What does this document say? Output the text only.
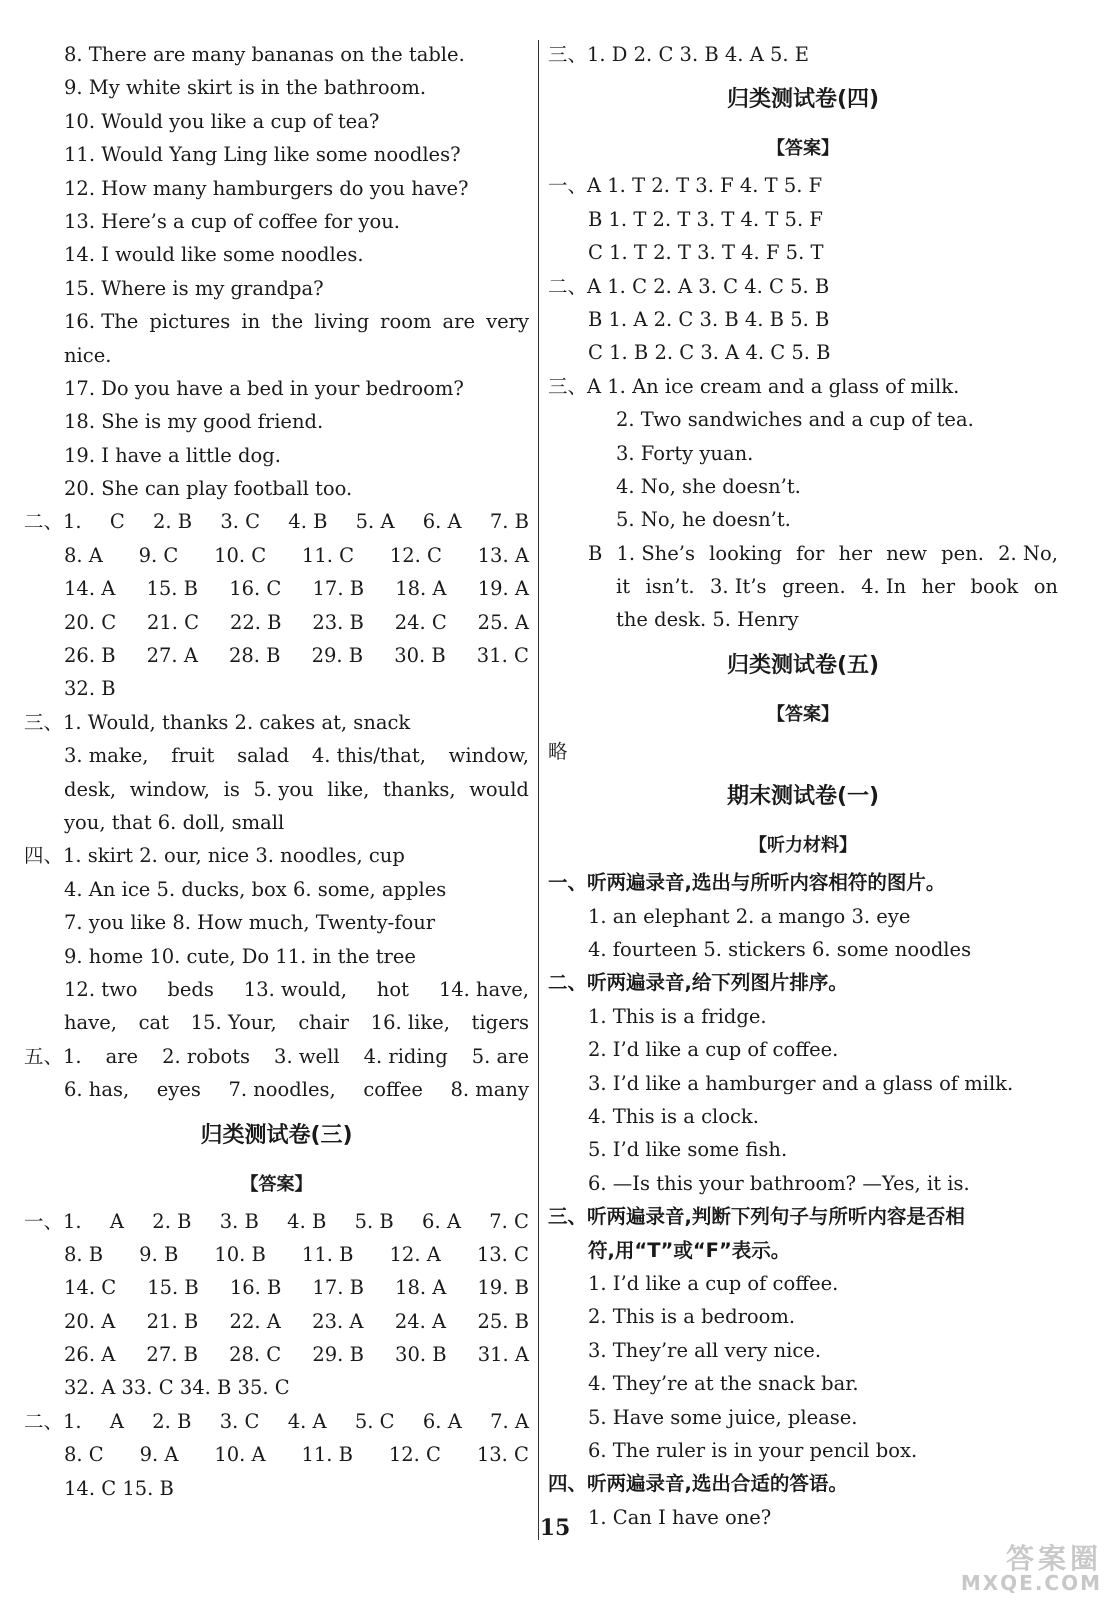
8. There are many bananas on the table.
9. My white skirt is in the bathroom.
10. Would you like a cup of tea?
11. Would Yang Ling like some noodles?
12. How many hamburgers do you have?
13. Here’s a cup of coffee for you.
14. I would like some noodles.
15. Where is my grandpa?
16. The pictures in the living room are very
nice.
17. Do you have a bed in your bedroom?
18. She is my good friend.
19. I have a little dog.
20. She can play football too.
二、1. C 2. B 3. C 4. B 5. A 6. A 7. B
8. A 9. C 10. C 11. C 12. C 13. A
14. A 15. B 16. C 17. B 18. A 19. A
20. C 21. C 22. B 23. B 24. C 25. A
26. B 27. A 28. B 29. B 30. B 31. C
32. B
三、1. Would, thanks 2. cakes at, snack
3. make, fruit salad 4. this/that, window,
desk, window, is 5. you like, thanks, would
you, that 6. doll, small
四、1. skirt 2. our, nice 3. noodles, cup
4. An ice 5. ducks, box 6. some, apples
7. you like 8. How much, Twenty-four
9. home 10. cute, Do 11. in the tree
12. two beds 13. would, hot 14. have,
have, cat 15. Your, chair 16. like, tigers
五、1. are 2. robots 3. well 4. riding 5. are
6. has, eyes 7. noodles, coffee 8. many
归类测试卷(三)
【答案】
一、1. A 2. B 3. B 4. B 5. B 6. A 7. C
8. B 9. B 10. B 11. B 12. A 13. C
14. C 15. B 16. B 17. B 18. A 19. B
20. A 21. B 22. A 23. A 24. A 25. B
26. A 27. B 28. C 29. B 30. B 31. A
32. A 33. C 34. B 35. C
二、1. A 2. B 3. C 4. A 5. C 6. A 7. A
8. C 9. A 10. A 11. B 12. C 13. C
14. C 15. B
三、1. D 2. C 3. B 4. A 5. E
归类测试卷(四)
【答案】
一、A 1. T 2. T 3. F 4. T 5. F
B 1. T 2. T 3. T 4. T 5. F
C 1. T 2. T 3. T 4. F 5. T
二、A 1. C 2. A 3. C 4. C 5. B
B 1. A 2. C 3. B 4. B 5. B
C 1. B 2. C 3. A 4. C 5. B
三、A 1. An ice cream and a glass of milk.
2. Two sandwiches and a cup of tea.
3. Forty yuan.
4. No, she doesn’t.
5. No, he doesn’t.
B 1. She’s looking for her new pen. 2. No,
it isn’t. 3. It’s green. 4. In her book on
the desk. 5. Henry
归类测试卷(五)
【答案】
略
期末测试卷(一)
【听力材料】
一、听两遍录音,选出与所听内容相符的图片。
1. an elephant 2. a mango 3. eye
4. fourteen 5. stickers 6. some noodles
二、听两遍录音,给下列图片排序。
1. This is a fridge.
2. I’d like a cup of coffee.
3. I’d like a hamburger and a glass of milk.
4. This is a clock.
5. I’d like some fish.
6. —Is this your bathroom? —Yes, it is.
三、听两遍录音,判断下列句子与所听内容是否相
符,用“T”或“F”表示。
1. I’d like a cup of coffee.
2. This is a bedroom.
3. They’re all very nice.
4. They’re at the snack bar.
5. Have some juice, please.
6. The ruler is in your pencil box.
四、听两遍录音,选出合适的答语。
1. Can I have one?
15
答案圈
MXQE.COM
